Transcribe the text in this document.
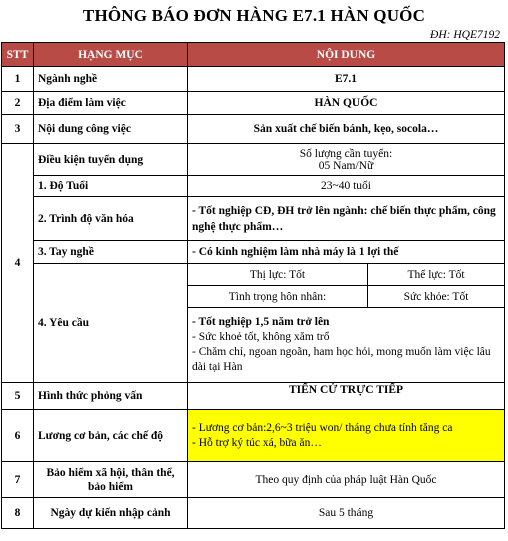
THÔNG BÁO ĐƠN HÀNG E7.1 HÀN QUỐC
ĐH: HQE7192
STT	HẠNG MỤC	NỘI DUNG	
1	Ngành nghề	E7.1	
2	Địa điểm làm việc	HÀN QUỐC	
3	Nội dung công việc	Sản xuất chế biến bánh, kẹo, socola…	
4	Điều kiện tuyển dụng	Số lượng cần tuyển:
05 Nam/Nữ	

	1. Độ Tuổi	23~40 tuổi	
	2. Trình độ văn hóa	- Tốt nghiệp CĐ, ĐH trở lên ngành: chế biến thực phẩm, công nghệ thực phẩm…	
	3. Tay nghề	- Có kinh nghiệm làm nhà máy là 1 lợi thế	
	4. Yêu cầu	Thị lực: Tốt	Thể lực: Tốt
		Tình trọng hôn nhân:	Sức khỏe: Tốt

		- Tốt nghiệp 1,5 năm trở lên
- Sức khoẻ tốt, không xăm trổ
- Chăm chỉ, ngoan ngoãn, ham học hỏi, mong muốn làm việc lâu dài tại Hàn	

5	Hình thức phỏng vấn	TIẾN CỬ TRỰC TIẾP	
6	Lương cơ bản, các chế độ	- Lương cơ bản:2,6~3 triệu won/ tháng chưa tính tăng ca
- Hỗ trợ ký túc xá, bữa ăn…	

7	Bảo hiểm xã hội, thân thể, bảo hiểm	Theo quy định của pháp luật Hàn Quốc	
8	Ngày dự kiến nhập cảnh	Sau 5 tháng	
